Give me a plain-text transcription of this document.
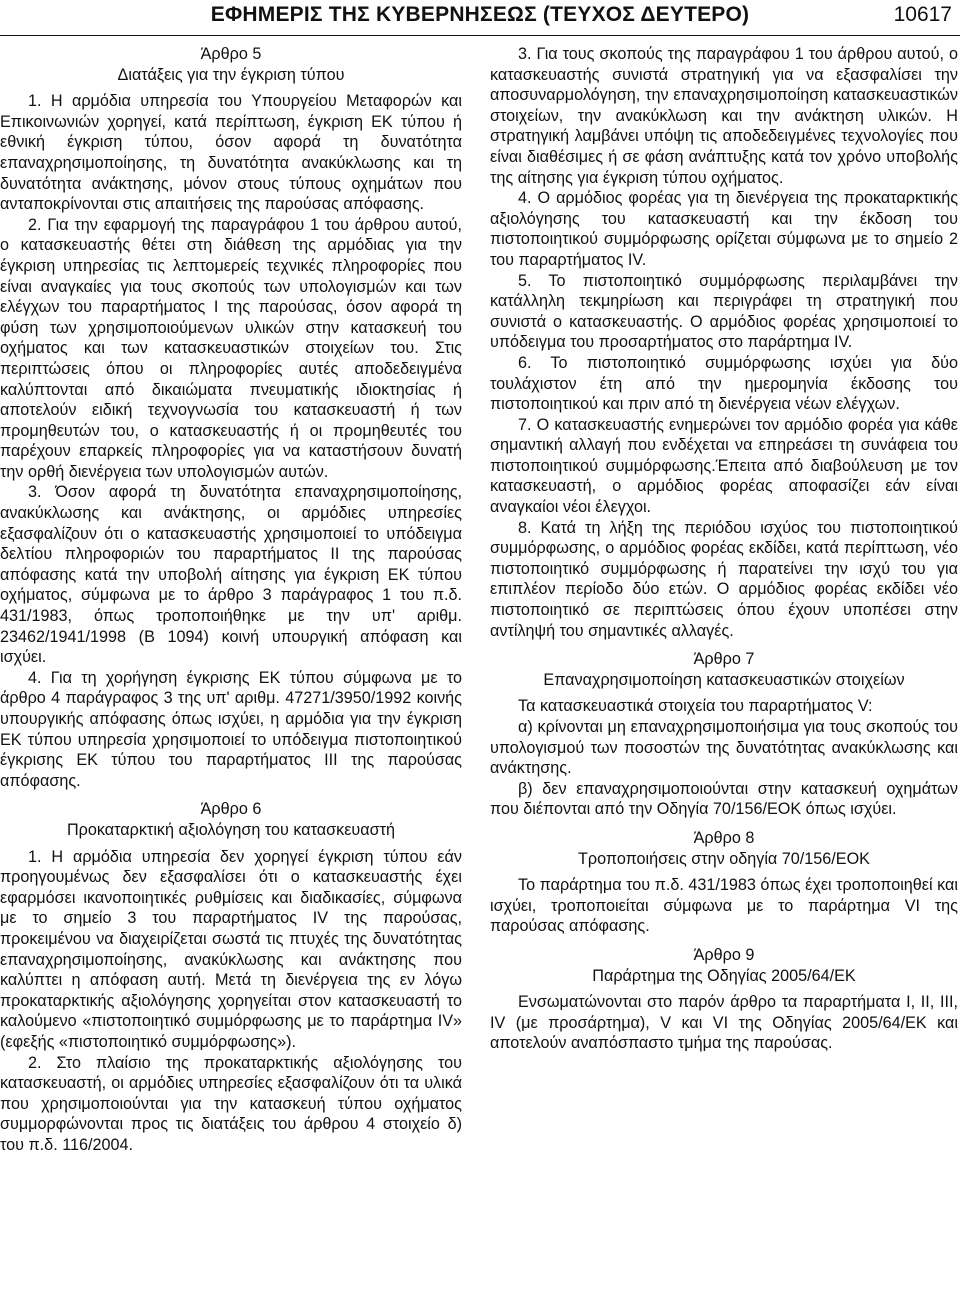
ΕΦΗΜΕΡΙΣ ΤΗΣ ΚΥΒΕΡΝΗΣΕΩΣ (ΤΕΥΧΟΣ ΔΕΥΤΕΡΟ)	10617

Άρθρο 5

Διατάξεις για την έγκριση τύπου

1. Η αρμόδια υπηρεσία του Υπουργείου Μεταφορών και Επικοινωνιών χορηγεί, κατά περίπτωση, έγκριση ΕΚ τύπου ή εθνική έγκριση τύπου, όσον αφορά τη δυνατότητα επαναχρησιμοποίησης, τη δυνατότητα ανακύκλωσης και τη δυνατότητα ανάκτησης, μόνον στους τύπους οχημάτων που ανταποκρίνονται στις απαιτήσεις της παρούσας απόφασης.

2. Για την εφαρμογή της παραγράφου 1 του άρθρου αυτού, ο κατασκευαστής θέτει στη διάθεση της αρμόδιας για την έγκριση υπηρεσίας τις λεπτομερείς τεχνικές πληροφορίες που είναι αναγκαίες για τους σκοπούς των υπολογισμών και των ελέγχων του παραρτήματος I της παρούσας, όσον αφορά τη φύση των χρησιμοποιούμενων υλικών στην κατασκευή του οχήματος και των κατασκευαστικών στοιχείων του. Στις περιπτώσεις όπου οι πληροφορίες αυτές αποδεδειγμένα καλύπτονται από δικαιώματα πνευματικής ιδιοκτησίας ή αποτελούν ειδική τεχνογνωσία του κατασκευαστή ή των προμηθευτών του, ο κατασκευαστής ή οι προμηθευτές του παρέχουν επαρκείς πληροφορίες για να καταστήσουν δυνατή την ορθή διενέργεια των υπολογισμών αυτών.

3. Όσον αφορά τη δυνατότητα επαναχρησιμοποίησης, ανακύκλωσης και ανάκτησης, οι αρμόδιες υπηρεσίες εξασφαλίζουν ότι ο κατασκευαστής χρησιμοποιεί το υπόδειγμα δελτίου πληροφοριών του παραρτήματος II της παρούσας απόφασης κατά την υποβολή αίτησης για έγκριση ΕΚ τύπου οχήματος, σύμφωνα με το άρθρο 3 παράγραφος 1 του π.δ. 431/1983, όπως τροποποιήθηκε με την υπ' αριθμ. 23462/1941/1998 (Β 1094) κοινή υπουργική απόφαση και ισχύει.

4. Για τη χορήγηση έγκρισης ΕΚ τύπου σύμφωνα με το άρθρο 4 παράγραφος 3 της υπ' αριθμ. 47271/3950/1992 κοινής υπουργικής απόφασης όπως ισχύει, η αρμόδια για την έγκριση ΕΚ τύπου υπηρεσία χρησιμοποιεί το υπόδειγμα πιστοποιητικού έγκρισης ΕΚ τύπου του παραρτήματος III της παρούσας απόφασης.

Άρθρο 6

Προκαταρκτική αξιολόγηση του κατασκευαστή

1. Η αρμόδια υπηρεσία δεν χορηγεί έγκριση τύπου εάν προηγουμένως δεν εξασφαλίσει ότι ο κατασκευαστής έχει εφαρμόσει ικανοποιητικές ρυθμίσεις και διαδικασίες, σύμφωνα με το σημείο 3 του παραρτήματος IV της παρούσας, προκειμένου να διαχειρίζεται σωστά τις πτυχές της δυνατότητας επαναχρησιμοποίησης, ανακύκλωσης και ανάκτησης που καλύπτει η απόφαση αυτή. Μετά τη διενέργεια της εν λόγω προκαταρκτικής αξιολόγησης χορηγείται στον κατασκευαστή το καλούμενο «πιστοποιητικό συμμόρφωσης με το παράρτημα IV» (εφεξής «πιστοποιητικό συμμόρφωσης»).

2. Στο πλαίσιο της προκαταρκτικής αξιολόγησης του κατασκευαστή, οι αρμόδιες υπηρεσίες εξασφαλίζουν ότι τα υλικά που χρησιμοποιούνται για την κατασκευή τύπου οχήματος συμμορφώνονται προς τις διατάξεις του άρθρου 4 στοιχείο δ) του π.δ. 116/2004.

3. Για τους σκοπούς της παραγράφου 1 του άρθρου αυτού, ο κατασκευαστής συνιστά στρατηγική για να εξασφαλίσει την αποσυναρμολόγηση, την επαναχρησιμοποίηση κατασκευαστικών στοιχείων, την ανακύκλωση και την ανάκτηση υλικών. Η στρατηγική λαμβάνει υπόψη τις αποδεδειγμένες τεχνολογίες που είναι διαθέσιμες ή σε φάση ανάπτυξης κατά τον χρόνο υποβολής της αίτησης για έγκριση τύπου οχήματος.

4. Ο αρμόδιος φορέας για τη διενέργεια της προκαταρκτικής αξιολόγησης του κατασκευαστή και την έκδοση του πιστοποιητικού συμμόρφωσης ορίζεται σύμφωνα με το σημείο 2 του παραρτήματος IV.

5. Το πιστοποιητικό συμμόρφωσης περιλαμβάνει την κατάλληλη τεκμηρίωση και περιγράφει τη στρατηγική που συνιστά ο κατασκευαστής. Ο αρμόδιος φορέας χρησιμοποιεί το υπόδειγμα του προσαρτήματος στο παράρτημα IV.

6. Το πιστοποιητικό συμμόρφωσης ισχύει για δύο τουλάχιστον έτη από την ημερομηνία έκδοσης του πιστοποιητικού και πριν από τη διενέργεια νέων ελέγχων.

7. Ο κατασκευαστής ενημερώνει τον αρμόδιο φορέα για κάθε σημαντική αλλαγή που ενδέχεται να επηρεάσει τη συνάφεια του πιστοποιητικού συμμόρφωσης.Έπειτα από διαβούλευση με τον κατασκευαστή, ο αρμόδιος φορέας αποφασίζει εάν είναι αναγκαίοι νέοι έλεγχοι.

8. Κατά τη λήξη της περιόδου ισχύος του πιστοποιητικού συμμόρφωσης, ο αρμόδιος φορέας εκδίδει, κατά περίπτωση, νέο πιστοποιητικό συμμόρφωσης ή παρατείνει την ισχύ του για επιπλέον περίοδο δύο ετών. Ο αρμόδιος φορέας εκδίδει νέο πιστοποιητικό σε περιπτώσεις όπου έχουν υποπέσει στην αντίληψή του σημαντικές αλλαγές.

Άρθρο 7

Επαναχρησιμοποίηση κατασκευαστικών στοιχείων

Τα κατασκευαστικά στοιχεία του παραρτήματος V:

α) κρίνονται μη επαναχρησιμοποιήσιμα για τους σκοπούς του υπολογισμού των ποσοστών της δυνατότητας ανακύκλωσης και ανάκτησης.

β) δεν επαναχρησιμοποιούνται στην κατασκευή οχημάτων που διέπονται από την Οδηγία 70/156/ΕΟΚ όπως ισχύει.

Άρθρο 8

Τροποποιήσεις στην οδηγία 70/156/ΕΟΚ

Το παράρτημα του π.δ. 431/1983 όπως έχει τροποποιηθεί και ισχύει, τροποποιείται σύμφωνα με το παράρτημα VI της παρούσας απόφασης.

Άρθρο 9

Παράρτημα της Οδηγίας 2005/64/ΕΚ

Ενσωματώνονται στο παρόν άρθρο τα παραρτήματα I, II, III, IV (με προσάρτημα), V και VI της Οδηγίας 2005/64/ΕΚ και αποτελούν αναπόσπαστο τμήμα της παρούσας.
